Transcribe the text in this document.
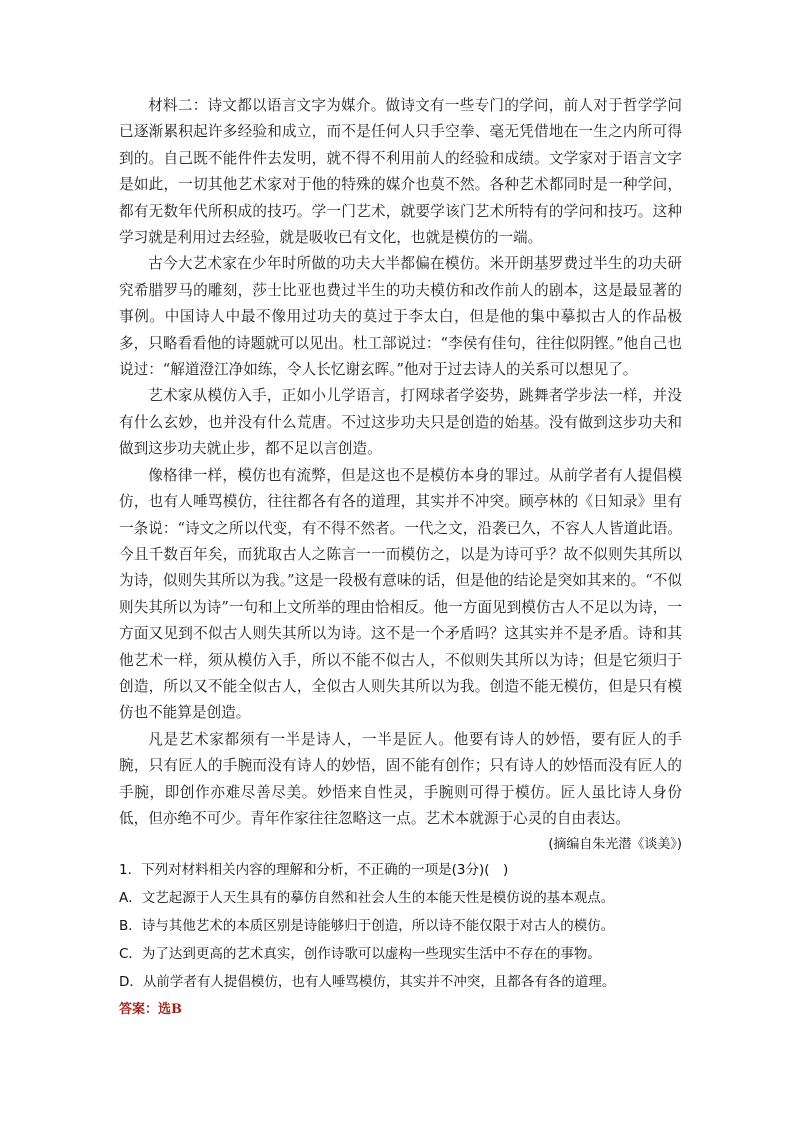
材料二：诗文都以语言文字为媒介。做诗文有一些专门的学问，前人对于哲学学问已逐渐累积起许多经验和成立，而不是任何人只手空拳、毫无凭借地在一生之内所可得到的。自己既不能件件去发明，就不得不利用前人的经验和成绩。文学家对于语言文字是如此，一切其他艺术家对于他的特殊的媒介也莫不然。各种艺术都同时是一种学问，都有无数年代所积成的技巧。学一门艺术，就要学该门艺术所特有的学问和技巧。这种学习就是利用过去经验，就是吸收已有文化，也就是模仿的一端。

古今大艺术家在少年时所做的功夫大半都偏在模仿。米开朗基罗费过半生的功夫研究希腊罗马的雕刻，莎士比亚也费过半生的功夫模仿和改作前人的剧本，这是最显著的事例。中国诗人中最不像用过功夫的莫过于李太白，但是他的集中摹拟古人的作品极多，只略看看他的诗题就可以见出。杜工部说过：“李侯有佳句，往往似阴铿。”他自己也说过：“解道澄江净如练，令人长忆谢玄晖。”他对于过去诗人的关系可以想见了。

艺术家从模仿入手，正如小儿学语言，打网球者学姿势，跳舞者学步法一样，并没有什么玄妙，也并没有什么荒唐。不过这步功夫只是创造的始基。没有做到这步功夫和做到这步功夫就止步，都不足以言创造。

像格律一样，模仿也有流弊，但是这也不是模仿本身的罪过。从前学者有人提倡模仿，也有人唾骂模仿，往往都各有各的道理，其实并不冲突。顾亭林的《日知录》里有一条说：“诗文之所以代变，有不得不然者。一代之文，沿袭已久，不容人人皆道此语。今且千数百年矣，而犹取古人之陈言一一而模仿之，以是为诗可乎？故不似则失其所以为诗，似则失其所以为我。”这是一段极有意味的话，但是他的结论是突如其来的。“不似则失其所以为诗”一句和上文所举的理由恰相反。他一方面见到模仿古人不足以为诗，一方面又见到不似古人则失其所以为诗。这不是一个矛盾吗？这其实并不是矛盾。诗和其他艺术一样，须从模仿入手，所以不能不似古人，不似则失其所以为诗；但是它须归于创造，所以又不能全似古人，全似古人则失其所以为我。创造不能无模仿，但是只有模仿也不能算是创造。

凡是艺术家都须有一半是诗人，一半是匠人。他要有诗人的妙悟，要有匠人的手腕，只有匠人的手腕而没有诗人的妙悟，固不能有创作；只有诗人的妙悟而没有匠人的手腕，即创作亦难尽善尽美。妙悟来自性灵，手腕则可得于模仿。匠人虽比诗人身份低，但亦绝不可少。青年作家往往忽略这一点。艺术本就源于心灵的自由表达。

(摘编自朱光潜《谈美》)

1．下列对材料相关内容的理解和分析，不正确的一项是(3分)(　)

A．文艺起源于人天生具有的摹仿自然和社会人生的本能天性是模仿说的基本观点。

B．诗与其他艺术的本质区别是诗能够归于创造，所以诗不能仅限于对古人的模仿。

C．为了达到更高的艺术真实，创作诗歌可以虚构一些现实生活中不存在的事物。

D．从前学者有人提倡模仿，也有人唾骂模仿，其实并不冲突，且都各有各的道理。

答案：选B
